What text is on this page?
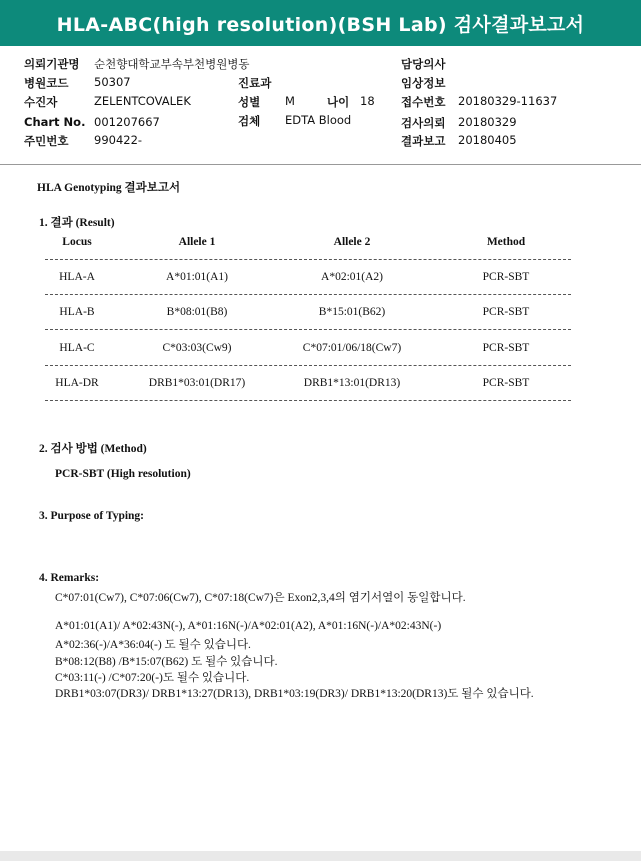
HLA-ABC(high resolution)(BSH Lab) 검사결과보고서
의뢰기관명 순천향대학교부속부천병원병동	담당의사
병원코드 50307	진료과	임상정보
수진자	ZELENTCOVALEK	성별 M	나이 18 접수번호 20180329-11637
Chart No. 001207667	검체 EDTA Blood	검사의뢰 20180329
주민번호 990422-	결과보고 20180405
HLA Genotyping 결과보고서
1. 결과 (Result)
Locus	Allele 1	Allele 2	Method
HLA-A	A*01:01(A1)	A*02:01(A2)	PCR-SBT
HLA-B	B*08:01(B8)	B*15:01(B62)	PCR-SBT
HLA-C	C*03:03(Cw9)	C*07:01/06/18(Cw7)	PCR-SBT
HLA-DR	DRB1*03:01(DR17)	DRB1*13:01(DR13)	PCR-SBT
2. 검사 방법 (Method)
PCR-SBT (High resolution)
3. Purpose of Typing:
4. Remarks:
C*07:01(Cw7), C*07:06(Cw7), C*07:18(Cw7)은 Exon2,3,4의 염기서열이 동일합니다.
A*01:01(A1)/ A*02:43N(-), A*01:16N(-)/A*02:01(A2), A*01:16N(-)/A*02:43N(-)
A*02:36(-)/A*36:04(-) 도 될수 있습니다.
B*08:12(B8) /B*15:07(B62) 도 될수 있습니다.
C*03:11(-) /C*07:20(-)도 될수 있습니다.
DRB1*03:07(DR3)/ DRB1*13:27(DR13), DRB1*03:19(DR3)/ DRB1*13:20(DR13)도 될수 있습니다.
